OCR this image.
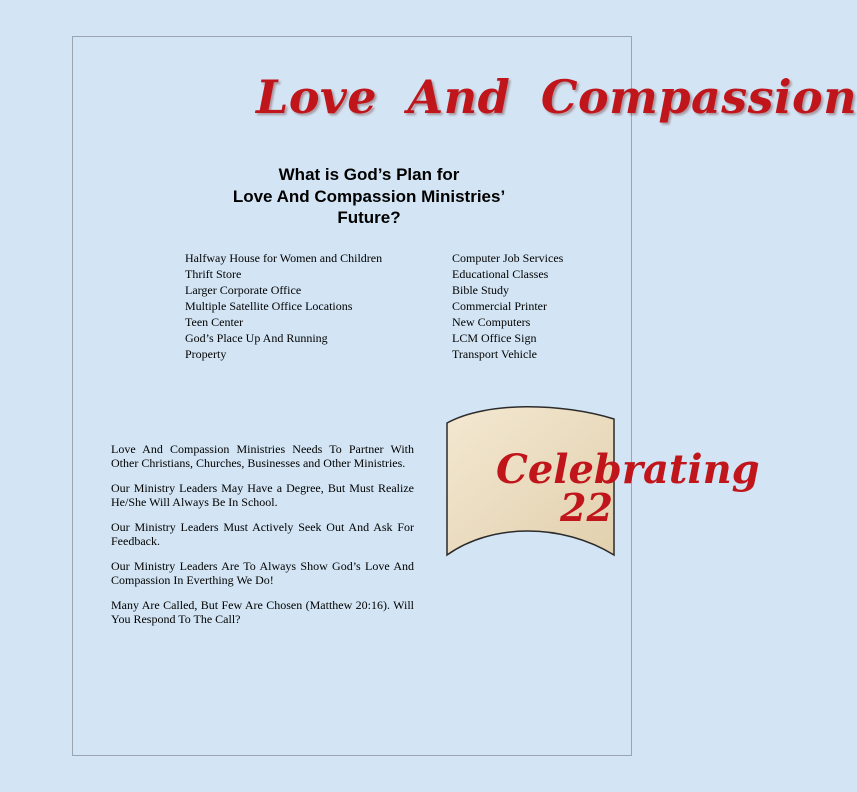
Love And Compassion
What is God’s Plan for
Love And Compassion Ministries’
Future?
Halfway House for Women and Children
Thrift Store
Larger Corporate Office
Multiple Satellite Office Locations
Teen Center
God’s Place Up And Running
Property
Computer Job Services
Educational Classes
Bible Study
Commercial Printer
New Computers
LCM Office Sign
Transport Vehicle

Love And Compassion Ministries Needs To Partner With Other Christians, Churches, Businesses and Other Ministries.

Our Ministry Leaders May Have a Degree, But Must Realize He/She Will Always Be In School.

Our Ministry Leaders Must Actively Seek Out And Ask For Feedback.

Our Ministry Leaders Are To Always Show God’s Love And Compassion In Everthing We Do!

Many Are Called, But Few Are Chosen (Matthew 20:16). Will You Respond To The Call?

Celebrating
22
